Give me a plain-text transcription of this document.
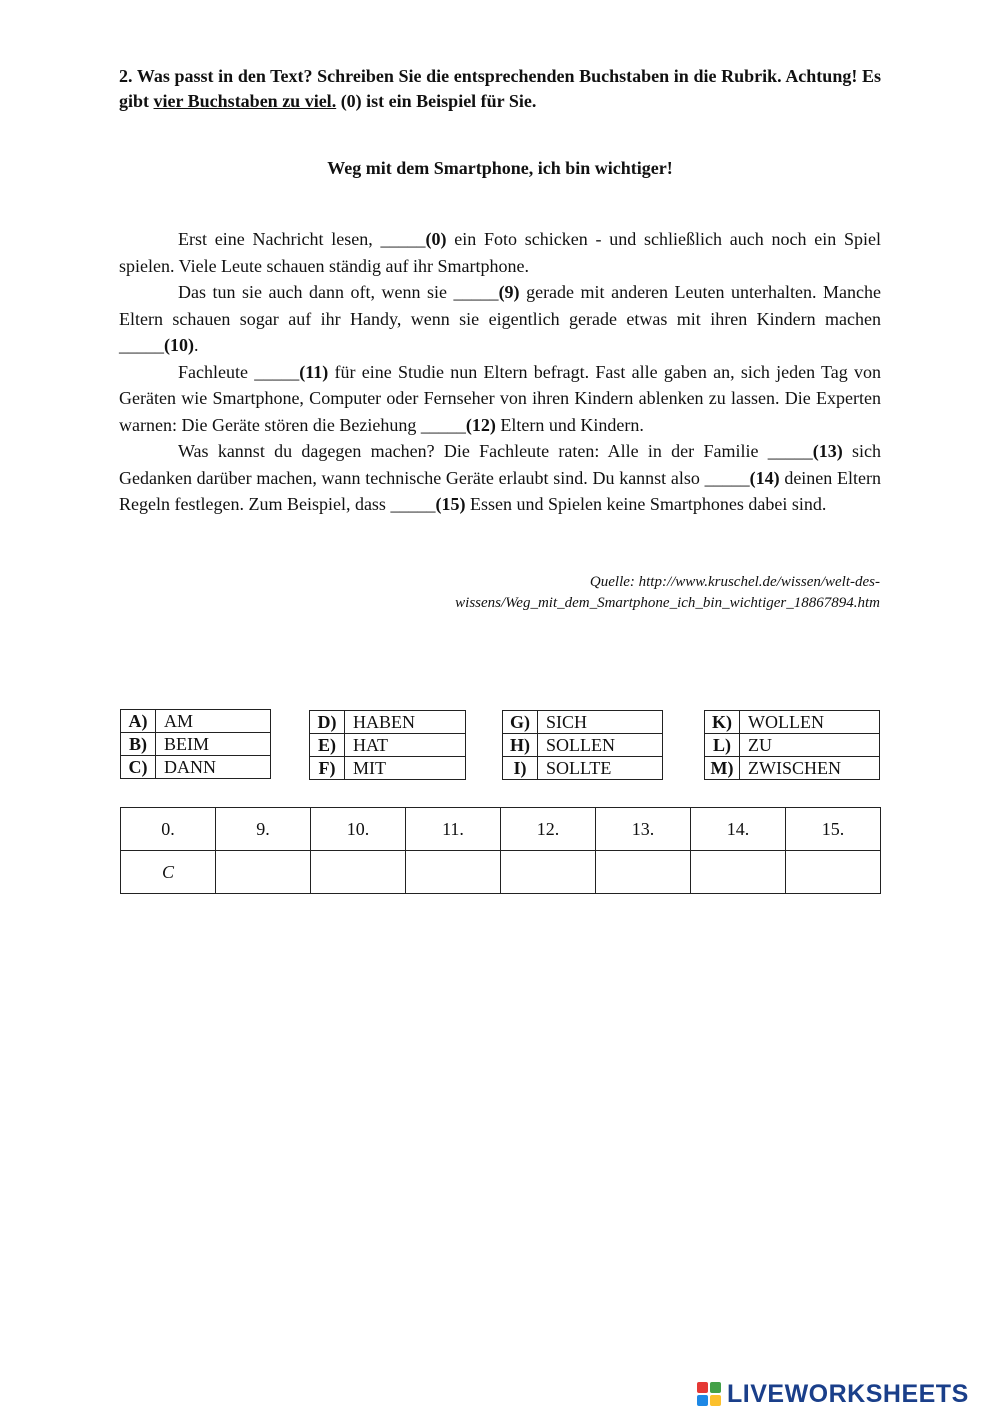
2. Was passt in den Text? Schreiben Sie die entsprechenden Buchstaben in die Rubrik. Achtung! Es gibt vier Buchstaben zu viel. (0) ist ein Beispiel für Sie.
Weg mit dem Smartphone, ich bin wichtiger!

Erst eine Nachricht lesen, _____(0) ein Foto schicken - und schließlich auch noch ein Spiel spielen. Viele Leute schauen ständig auf ihr Smartphone.

Das tun sie auch dann oft, wenn sie _____(9) gerade mit anderen Leuten unterhalten. Manche Eltern schauen sogar auf ihr Handy, wenn sie eigentlich gerade etwas mit ihren Kindern machen _____(10).

Fachleute _____(11) für eine Studie nun Eltern befragt. Fast alle gaben an, sich jeden Tag von Geräten wie Smartphone, Computer oder Fernseher von ihren Kindern ablenken zu lassen. Die Experten warnen: Die Geräte stören die Beziehung _____(12) Eltern und Kindern.

Was kannst du dagegen machen? Die Fachleute raten: Alle in der Familie _____(13) sich Gedanken darüber machen, wann technische Geräte erlaubt sind. Du kannst also _____(14) deinen Eltern Regeln festlegen. Zum Beispiel, dass _____(15) Essen und Spielen keine Smartphones dabei sind.

Quelle: http://www.kruschel.de/wissen/welt-des-
wissens/Weg_mit_dem_Smartphone_ich_bin_wichtiger_18867894.htm
A)	AM
B)	BEIM
C)	DANN
D)	HABEN
E)	HAT
F)	MIT
G)	SICH
H)	SOLLEN
I)	SOLLTE
K)	WOLLEN
L)	ZU
M)	ZWISCHEN
0.	9.	10.	11.	12.	13.	14.	15.
C							
LIVEWORKSHEETS
